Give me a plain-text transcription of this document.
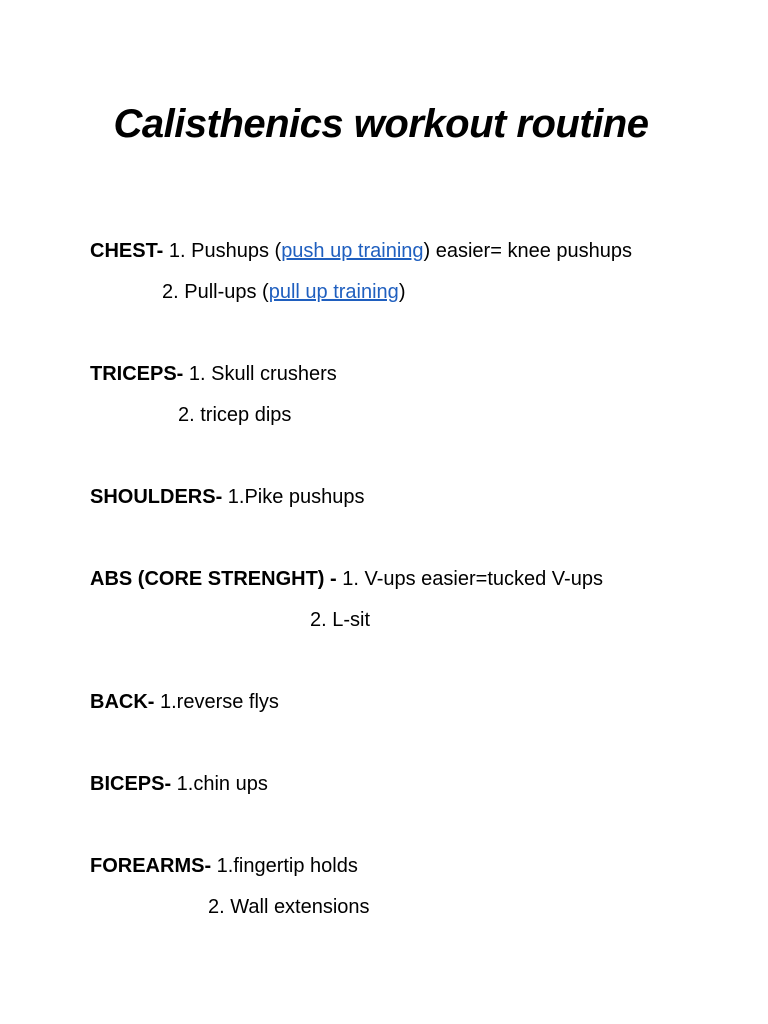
Calisthenics workout routine
CHEST- 1. Pushups (push up training) easier= knee pushups
2. Pull-ups (pull up training)
TRICEPS- 1. Skull crushers
2. tricep dips
SHOULDERS- 1.Pike pushups
ABS (CORE STRENGHT) - 1. V-ups easier=tucked V-ups
2. L-sit
BACK- 1.reverse flys
BICEPS- 1.chin ups
FOREARMS- 1.fingertip holds
2. Wall extensions
